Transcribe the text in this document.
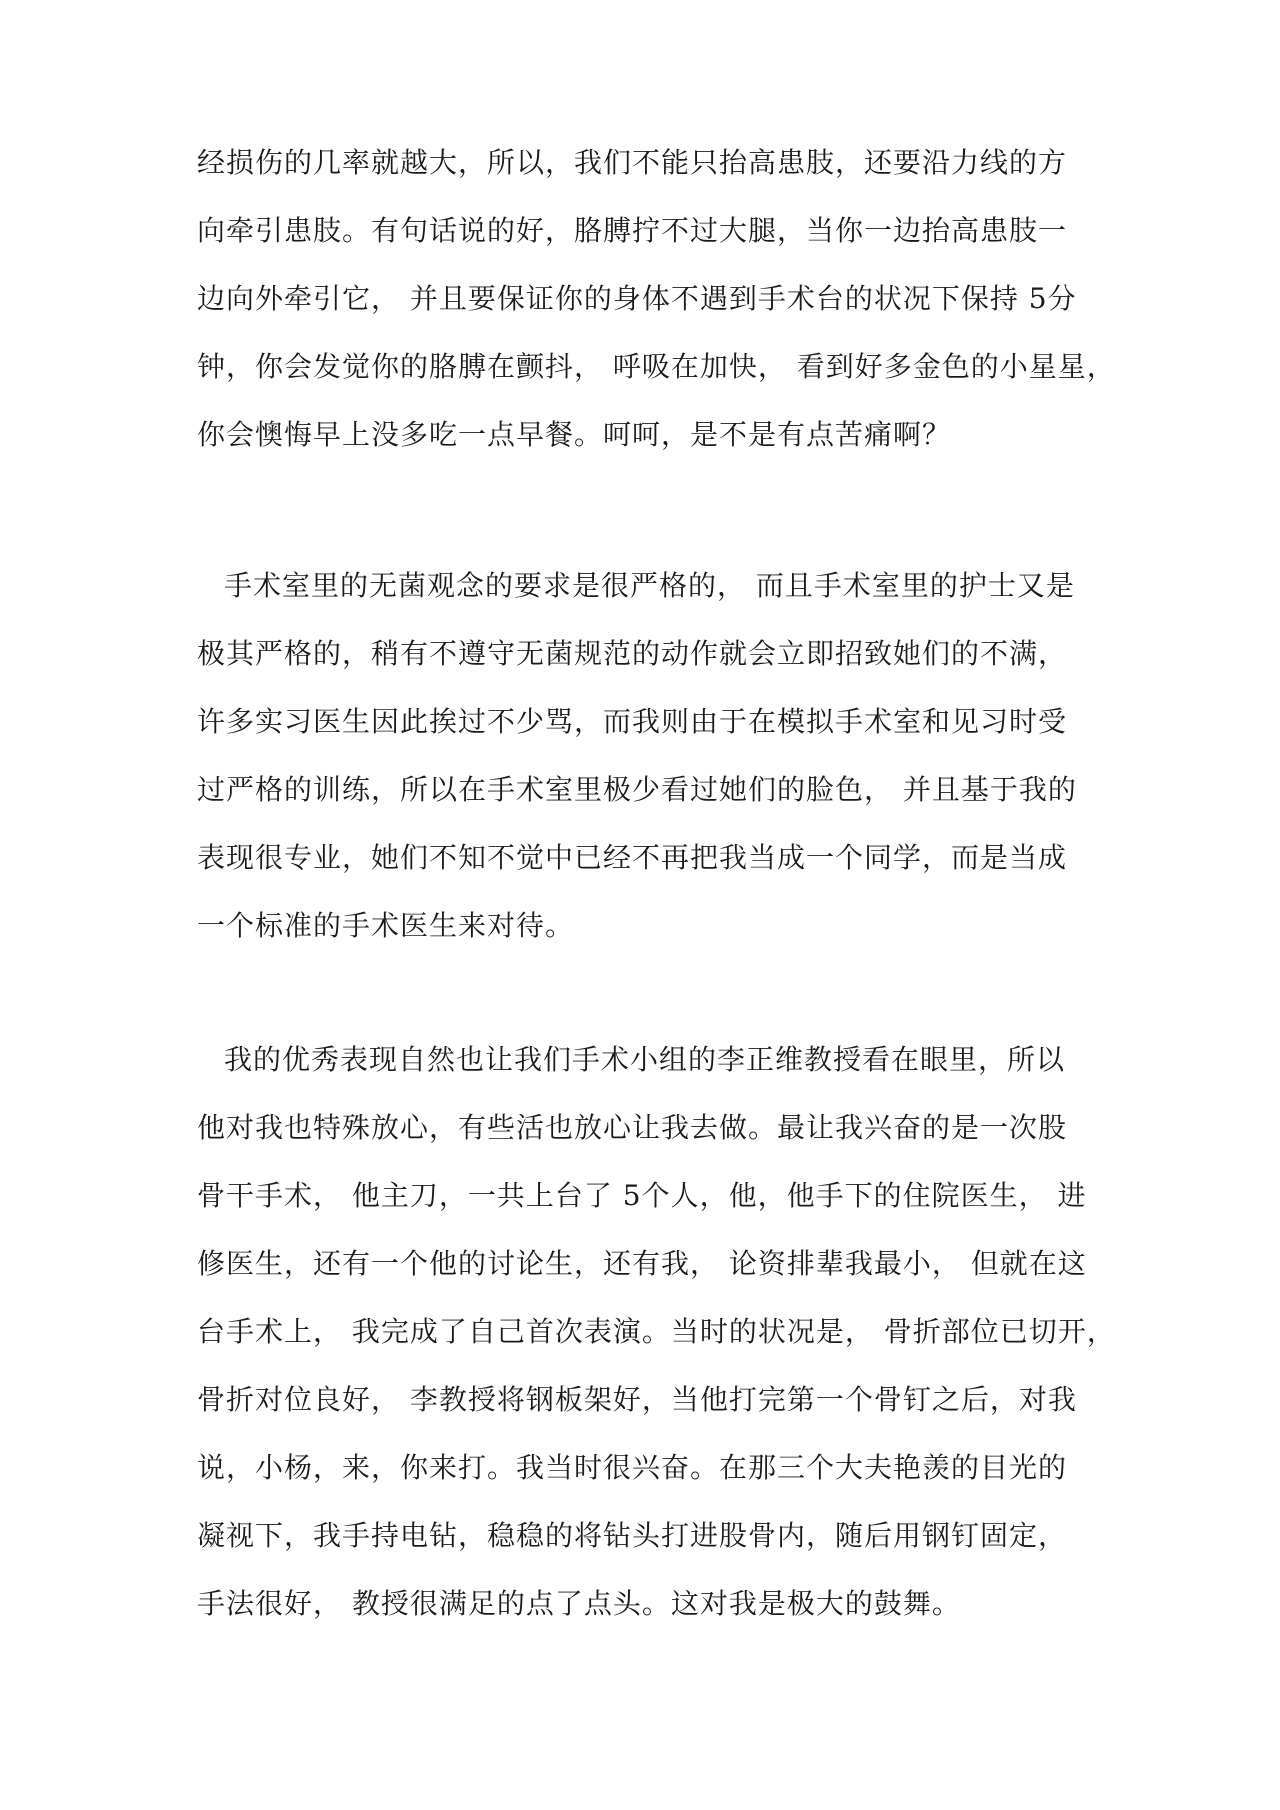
经损伤的几率就越大，所以，我们不能只抬高患肢，还要沿力线的方

向牵引患肢。有句话说的好，胳膊拧不过大腿，当你一边抬高患肢一

边向外牵引它， 并且要保证你的身体不遇到手术台的状况下保持 5分

钟，你会发觉你的胳膊在颤抖， 呼吸在加快， 看到好多金色的小星星，

你会懊悔早上没多吃一点早餐。呵呵，是不是有点苦痛啊？

手术室里的无菌观念的要求是很严格的， 而且手术室里的护士又是

极其严格的，稍有不遵守无菌规范的动作就会立即招致她们的不满，

许多实习医生因此挨过不少骂，而我则由于在模拟手术室和见习时受

过严格的训练，所以在手术室里极少看过她们的脸色， 并且基于我的

表现很专业，她们不知不觉中已经不再把我当成一个同学，而是当成

一个标准的手术医生来对待。

我的优秀表现自然也让我们手术小组的李正维教授看在眼里，所以

他对我也特殊放心，有些活也放心让我去做。最让我兴奋的是一次股

骨干手术， 他主刀，一共上台了 5个人，他，他手下的住院医生， 进

修医生，还有一个他的讨论生，还有我， 论资排辈我最小， 但就在这

台手术上， 我完成了自己首次表演。当时的状况是， 骨折部位已切开，

骨折对位良好， 李教授将钢板架好，当他打完第一个骨钉之后，对我

说，小杨，来，你来打。我当时很兴奋。在那三个大夫艳羡的目光的

凝视下，我手持电钻，稳稳的将钻头打进股骨内，随后用钢钉固定，

手法很好， 教授很满足的点了点头。这对我是极大的鼓舞。
